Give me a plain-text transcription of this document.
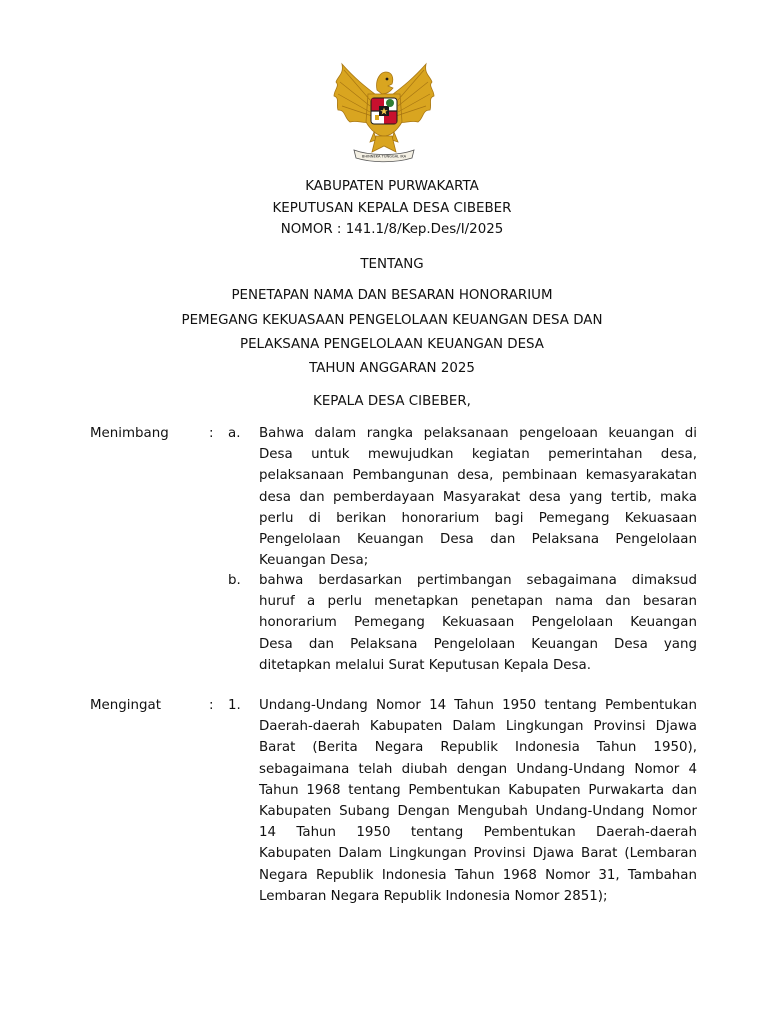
BHINNEKA TUNGGAL IKA
KABUPATEN PURWAKARTA
KEPUTUSAN KEPALA DESA CIBEBER
NOMOR : 141.1/8/Kep.Des/I/2025
TENTANG
PENETAPAN NAMA DAN BESARAN HONORARIUM
PEMEGANG KEKUASAAN PENGELOLAAN KEUANGAN DESA DAN
PELAKSANA PENGELOLAAN KEUANGAN DESA
TAHUN ANGGARAN 2025
KEPALA DESA CIBEBER,
Menimbang	: a. Bahwa dalam rangka pelaksanaan pengeloaan keuangan di
Desa untuk mewujudkan kegiatan pemerintahan desa,
pelaksanaan Pembangunan desa, pembinaan kemasyarakatan
desa dan pemberdayaan Masyarakat desa yang tertib, maka
perlu di berikan honorarium bagi Pemegang Kekuasaan
Pengelolaan Keuangan Desa dan Pelaksana Pengelolaan
Keuangan Desa;
b. bahwa berdasarkan pertimbangan sebagaimana dimaksud
huruf a perlu menetapkan penetapan nama dan besaran
honorarium Pemegang Kekuasaan Pengelolaan Keuangan
Desa dan Pelaksana Pengelolaan Keuangan Desa yang
ditetapkan melalui Surat Keputusan Kepala Desa.
Mengingat	: 1. Undang-Undang Nomor 14 Tahun 1950 tentang Pembentukan
Daerah-daerah Kabupaten Dalam Lingkungan Provinsi Djawa
Barat (Berita Negara Republik Indonesia Tahun 1950),
sebagaimana telah diubah dengan Undang-Undang Nomor 4
Tahun 1968 tentang Pembentukan Kabupaten Purwakarta dan
Kabupaten Subang Dengan Mengubah Undang-Undang Nomor
14 Tahun 1950 tentang Pembentukan Daerah-daerah
Kabupaten Dalam Lingkungan Provinsi Djawa Barat (Lembaran
Negara Republik Indonesia Tahun 1968 Nomor 31, Tambahan
Lembaran Negara Republik Indonesia Nomor 2851);
